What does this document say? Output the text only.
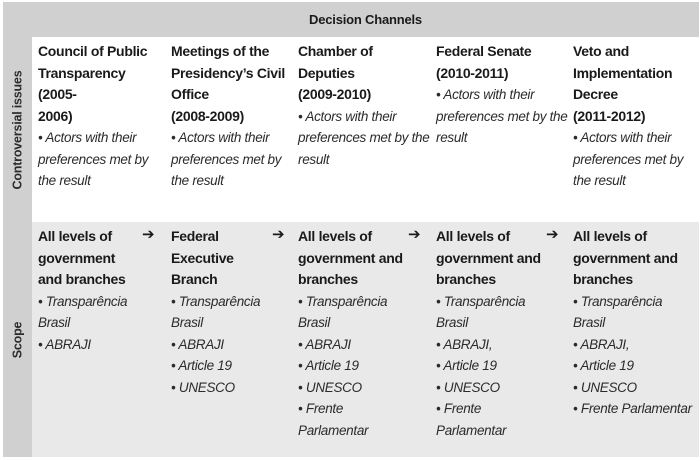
Controversial issues
Scope
Decision Channels
Council of Public
Transparency (2005-
2006)
• Actors with their
preferences met by
the result
Meetings of the
Presidency’s Civil
Office
(2008-2009)
• Actors with their
preferences met by
the result
Chamber of Deputies
(2009-2010)
• Actors with their
preferences met by the
result
Federal Senate
(2010-2011)
• Actors with their
preferences met by the
result
Veto and
Implementation
Decree
(2011-2012)
• Actors with their
preferences met by
the result
All levels of
government
and branches
• Transparência
Brasil
• ABRAJI
➔ Federal
Executive
Branch
• Transparência
Brasil
• ABRAJI
• Article 19
• UNESCO
➔ All levels of
government and
branches
• Transparência
Brasil
• ABRAJI
• Article 19
• UNESCO
• Frente
Parlamentar
➔ All levels of
government and
branches
• Transparência
Brasil
• ABRAJI,
• Article 19
• UNESCO
• Frente
Parlamentar
➔ All levels of
government and
branches
• Transparência Brasil
• ABRAJI,
• Article 19
• UNESCO
• Frente Parlamentar
